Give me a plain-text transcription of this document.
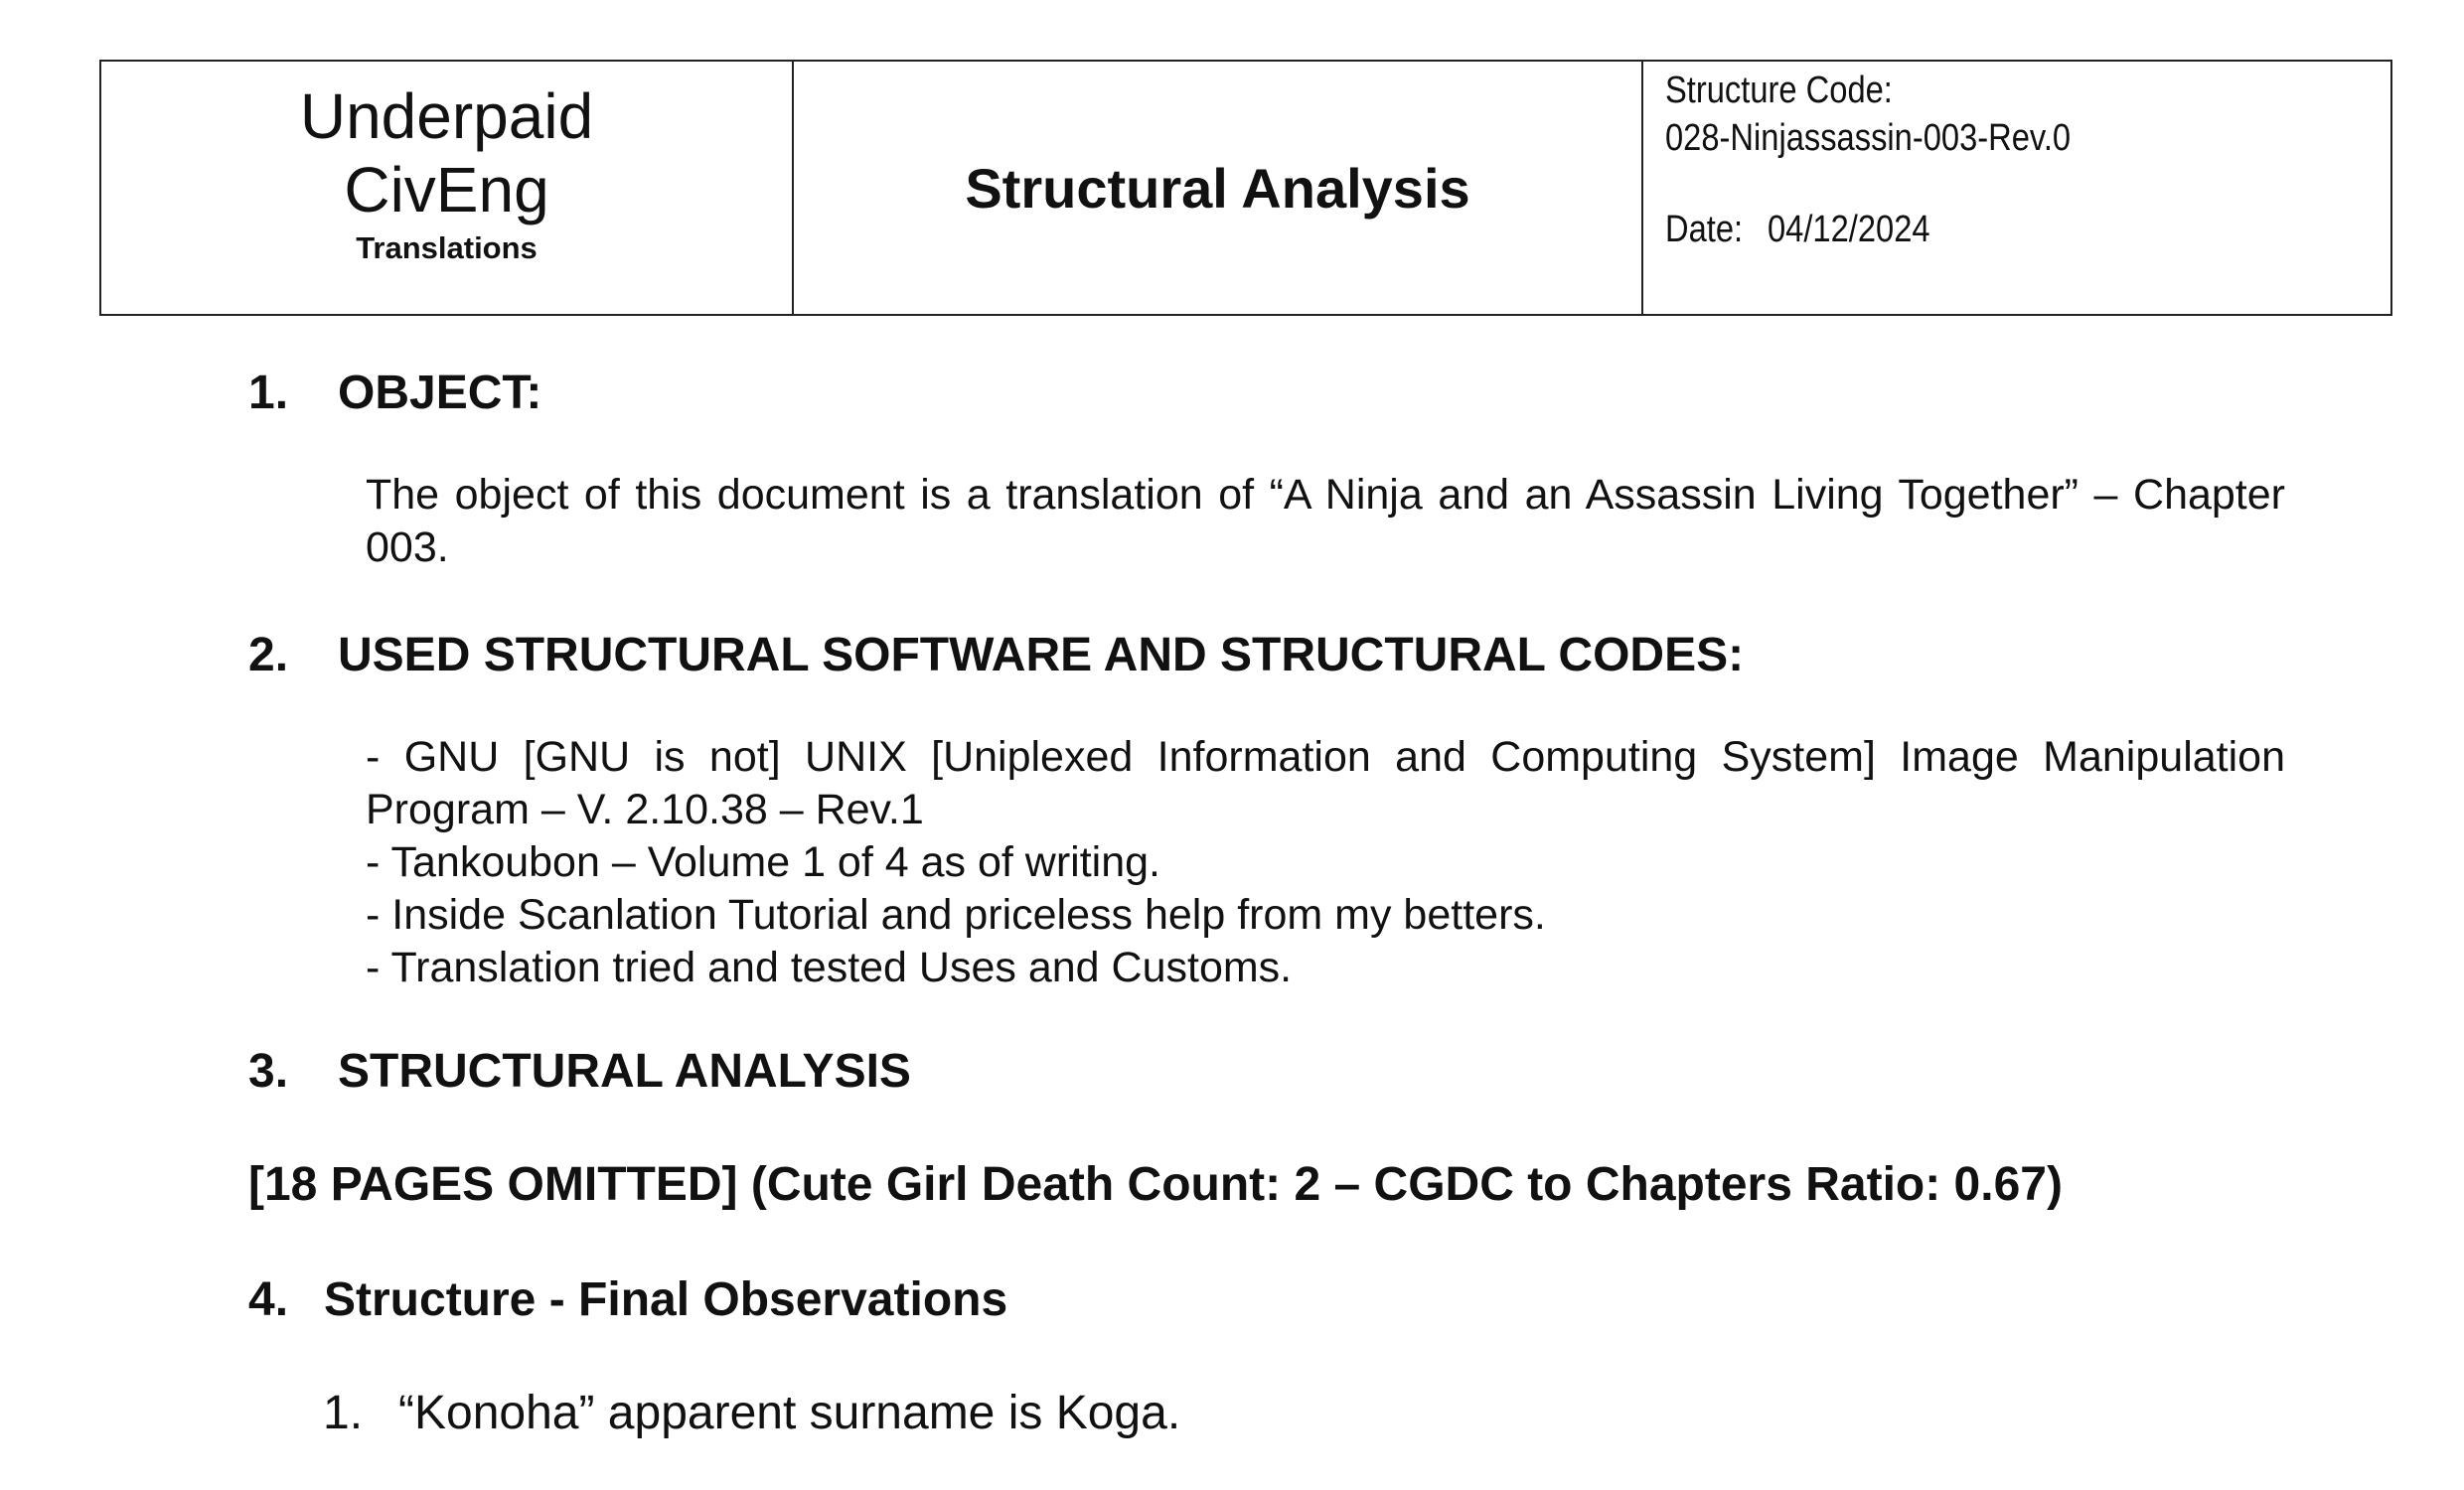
Underpaid
CivEng
Translations
Structural Analysis
Structure Code:
028-Ninjassassin-003-Rev.0
Date: 04/12/2024
1. OBJECT:
The object of this document is a translation of “A Ninja and an Assassin Living Together” – Chapter 003.
2. USED STRUCTURAL SOFTWARE AND STRUCTURAL CODES:
- GNU [GNU is not] UNIX [Uniplexed Information and Computing System] Image Manipulation Program – V. 2.10.38 – Rev.1
- Tankoubon – Volume 1 of 4 as of writing.
- Inside Scanlation Tutorial and priceless help from my betters.
- Translation tried and tested Uses and Customs.
3. STRUCTURAL ANALYSIS
[18 PAGES OMITTED] (Cute Girl Death Count: 2 – CGDC to Chapters Ratio: 0.67)
4. Structure - Final Observations
1. “Konoha” apparent surname is Koga.
